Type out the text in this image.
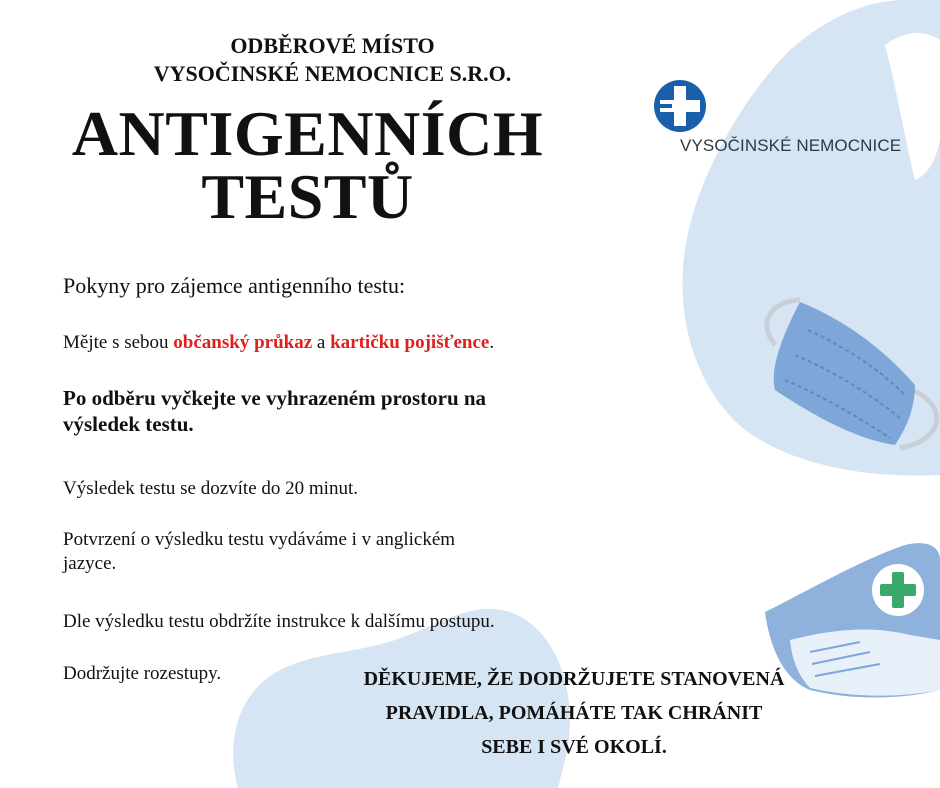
VYSOČINSKÉ NEMOCNICE
ODBĚROVÉ MÍSTO
VYSOČINSKÉ NEMOCNICE S.R.O.
ANTIGENNÍCH
TESTŮ
Pokyny pro zájemce antigenního testu:
Mějte s sebou občanský průkaz a kartičku pojišťence.
Po odběru vyčkejte ve vyhrazeném prostoru na
výsledek testu.
Výsledek testu se dozvíte do 20 minut.
Potvrzení o výsledku testu vydáváme i v anglickém
jazyce.
Dle výsledku testu obdržíte instrukce k dalšímu postupu.
Dodržujte rozestupy.	DĚKUJEME, ŽE DODRŽUJETE STANOVENÁ
PRAVIDLA, POMÁHÁTE TAK CHRÁNIT
SEBE I SVÉ OKOLÍ.
